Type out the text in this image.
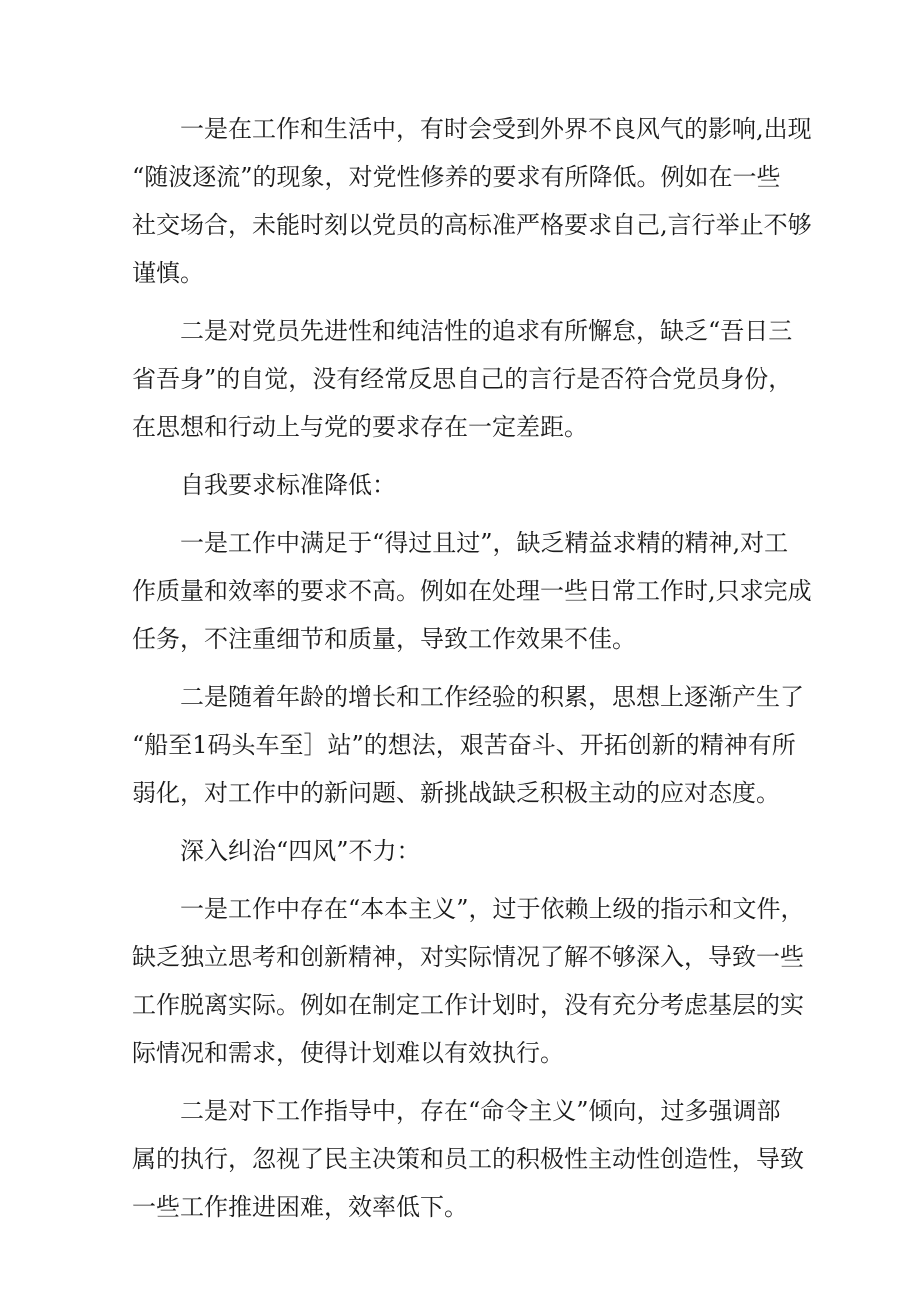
一是在工作和生活中，有时会受到外界不良风气的影响,出现
“随波逐流”的现象，对党性修养的要求有所降低。例如在一些
社交场合，未能时刻以党员的高标准严格要求自己,言行举止不够
谨慎。
二是对党员先进性和纯洁性的追求有所懈怠，缺乏“吾日三
省吾身”的自觉，没有经常反思自己的言行是否符合党员身份，
在思想和行动上与党的要求存在一定差距。
自我要求标准降低：
一是工作中满足于“得过且过”，缺乏精益求精的精神,对工
作质量和效率的要求不高。例如在处理一些日常工作时,只求完成
任务，不注重细节和质量，导致工作效果不佳。
二是随着年龄的增长和工作经验的积累，思想上逐渐产生了
“船至1码头车至］站”的想法，艰苦奋斗、开拓创新的精神有所
弱化，对工作中的新问题、新挑战缺乏积极主动的应对态度。
深入纠治“四风”不力：
一是工作中存在“本本主义”，过于依赖上级的指示和文件，
缺乏独立思考和创新精神，对实际情况了解不够深入，导致一些
工作脱离实际。例如在制定工作计划时，没有充分考虑基层的实
际情况和需求，使得计划难以有效执行。
二是对下工作指导中，存在“命令主义”倾向，过多强调部
属的执行，忽视了民主决策和员工的积极性主动性创造性，导致
一些工作推进困难，效率低下。
